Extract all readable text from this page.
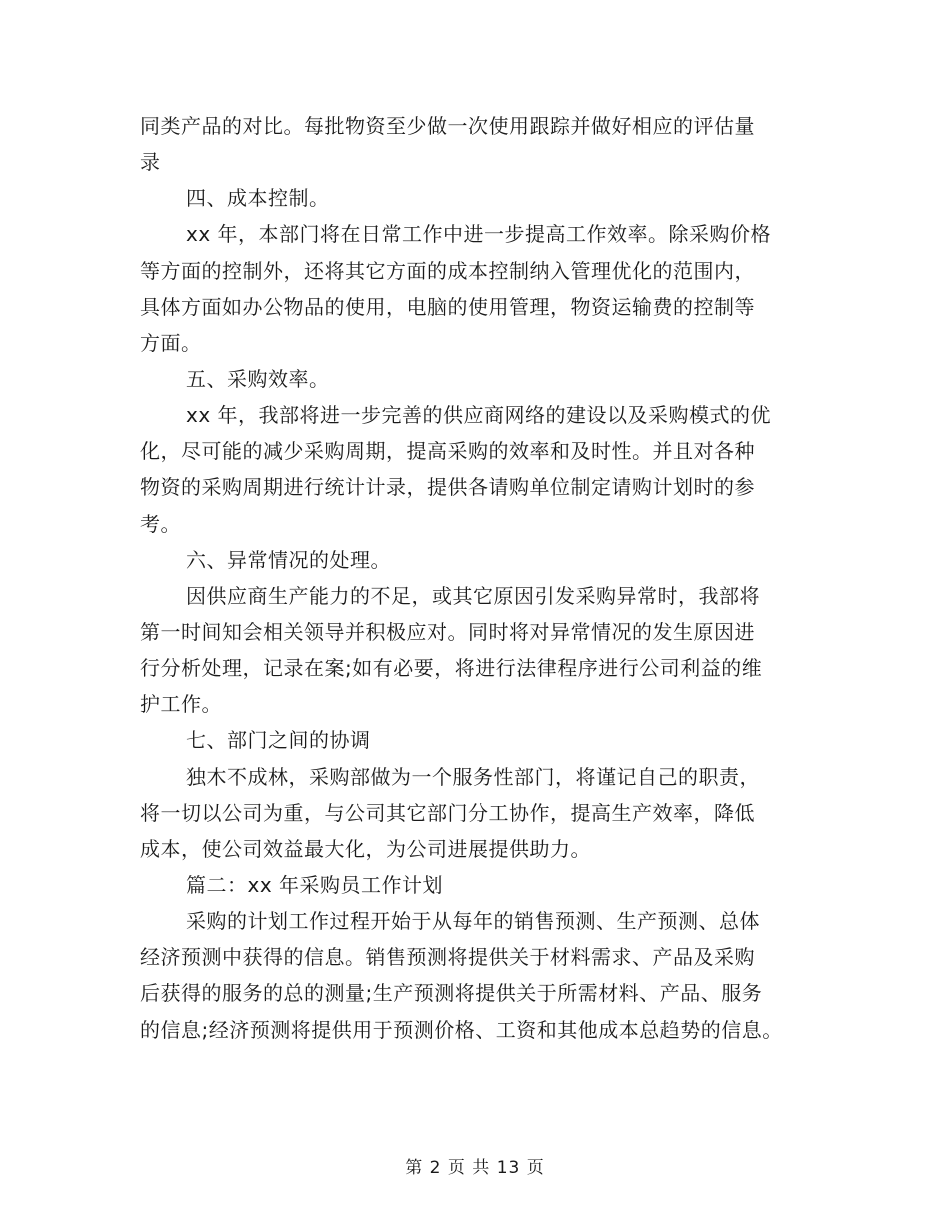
同类产品的对比。每批物资至少做一次使用跟踪并做好相应的评估量
录
四、成本控制。
xx 年，本部门将在日常工作中进一步提高工作效率。除采购价格
等方面的控制外，还将其它方面的成本控制纳入管理优化的范围内，
具体方面如办公物品的使用，电脑的使用管理，物资运输费的控制等
方面。
五、采购效率。
xx 年，我部将进一步完善的供应商网络的建设以及采购模式的优
化，尽可能的减少采购周期，提高采购的效率和及时性。并且对各种
物资的采购周期进行统计计录，提供各请购单位制定请购计划时的参
考。
六、异常情况的处理。
因供应商生产能力的不足，或其它原因引发采购异常时，我部将
第一时间知会相关领导并积极应对。同时将对异常情况的发生原因进
行分析处理，记录在案;如有必要，将进行法律程序进行公司利益的维
护工作。
七、部门之间的协调
独木不成林，采购部做为一个服务性部门，将谨记自己的职责，
将一切以公司为重，与公司其它部门分工协作，提高生产效率，降低
成本，使公司效益最大化，为公司进展提供助力。
篇二：xx 年采购员工作计划
采购的计划工作过程开始于从每年的销售预测、生产预测、总体
经济预测中获得的信息。销售预测将提供关于材料需求、产品及采购
后获得的服务的总的测量;生产预测将提供关于所需材料、产品、服务
的信息;经济预测将提供用于预测价格、工资和其他成本总趋势的信息。
第 2 页 共 13 页
